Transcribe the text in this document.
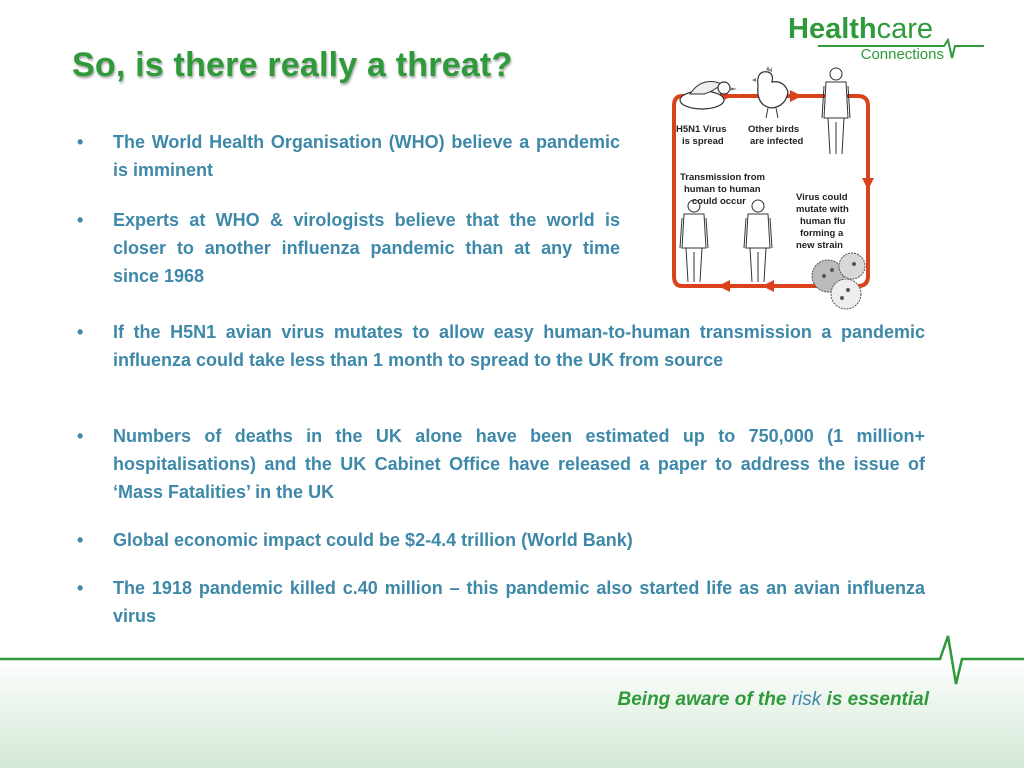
So, is there really a threat?
Healthcare
Connections

• The World Health Organisation (WHO) believe a pandemic is imminent

• Experts at WHO & virologists believe that the world is closer to another influenza pandemic than at any time since 1968

• If the H5N1 avian virus mutates to allow easy human-to-human transmission a pandemic influenza could take less than 1 month to spread to the UK from source

• Numbers of deaths in the UK alone have been estimated up to 750,000 (1 million+ hospitalisations) and the UK Cabinet Office have released a paper to address the issue of ‘Mass Fatalities’ in the UK

• Global economic impact could be $2-4.4 trillion (World Bank)

• The 1918 pandemic killed c.40 million – this pandemic also started life as an avian influenza virus

H5N1 Virus is spread
Other birds are infected
Transmission from human to human could occur	Virus could mutate with human flu forming a new strain
Being aware of the risk is essential
